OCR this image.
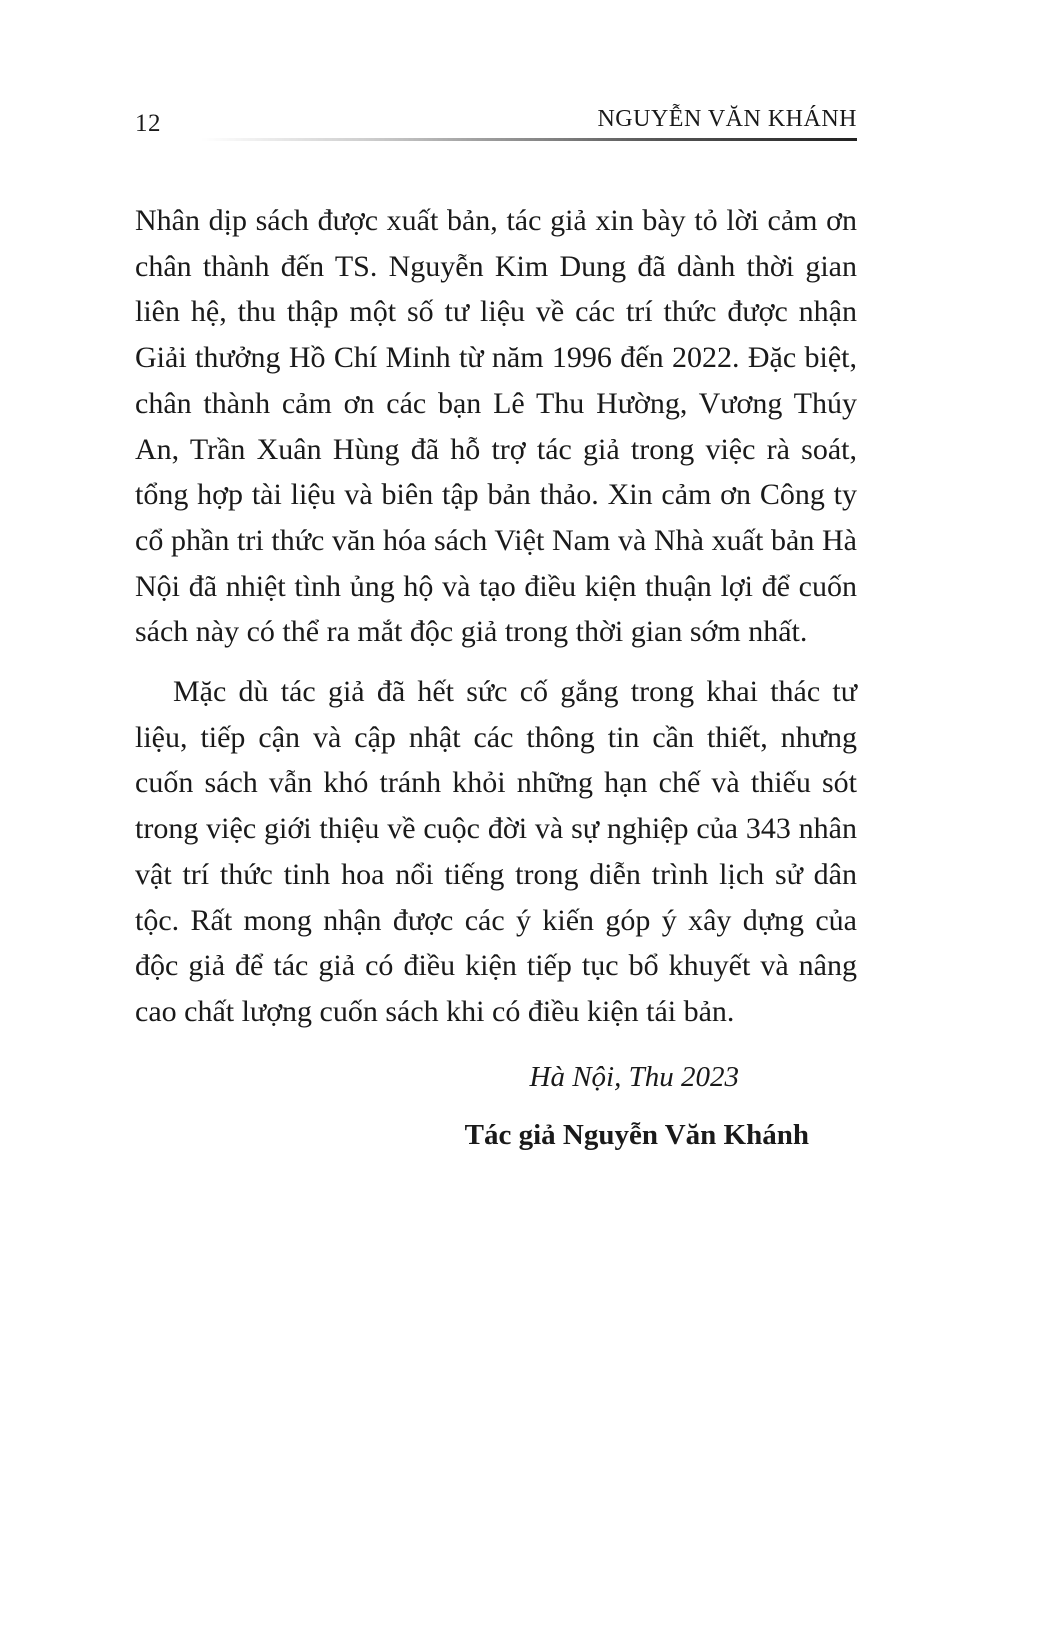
12	NGUYỄN VĂN KHÁNH

Nhân dịp sách được xuất bản, tác giả xin bày tỏ lời cảm ơn chân thành đến TS. Nguyễn Kim Dung đã dành thời gian liên hệ, thu thập một số tư liệu về các trí thức được nhận Giải thưởng Hồ Chí Minh từ năm 1996 đến 2022. Đặc biệt, chân thành cảm ơn các bạn Lê Thu Hường, Vương Thúy An, Trần Xuân Hùng đã hỗ trợ tác giả trong việc rà soát, tổng hợp tài liệu và biên tập bản thảo. Xin cảm ơn Công ty cổ phần tri thức văn hóa sách Việt Nam và Nhà xuất bản Hà Nội đã nhiệt tình ủng hộ và tạo điều kiện thuận lợi để cuốn sách này có thể ra mắt độc giả trong thời gian sớm nhất.

Mặc dù tác giả đã hết sức cố gắng trong khai thác tư liệu, tiếp cận và cập nhật các thông tin cần thiết, nhưng cuốn sách vẫn khó tránh khỏi những hạn chế và thiếu sót trong việc giới thiệu về cuộc đời và sự nghiệp của 343 nhân vật trí thức tinh hoa nổi tiếng trong diễn trình lịch sử dân tộc. Rất mong nhận được các ý kiến góp ý xây dựng của độc giả để tác giả có điều kiện tiếp tục bổ khuyết và nâng cao chất lượng cuốn sách khi có điều kiện tái bản.

Hà Nội, Thu 2023
Tác giả Nguyễn Văn Khánh
